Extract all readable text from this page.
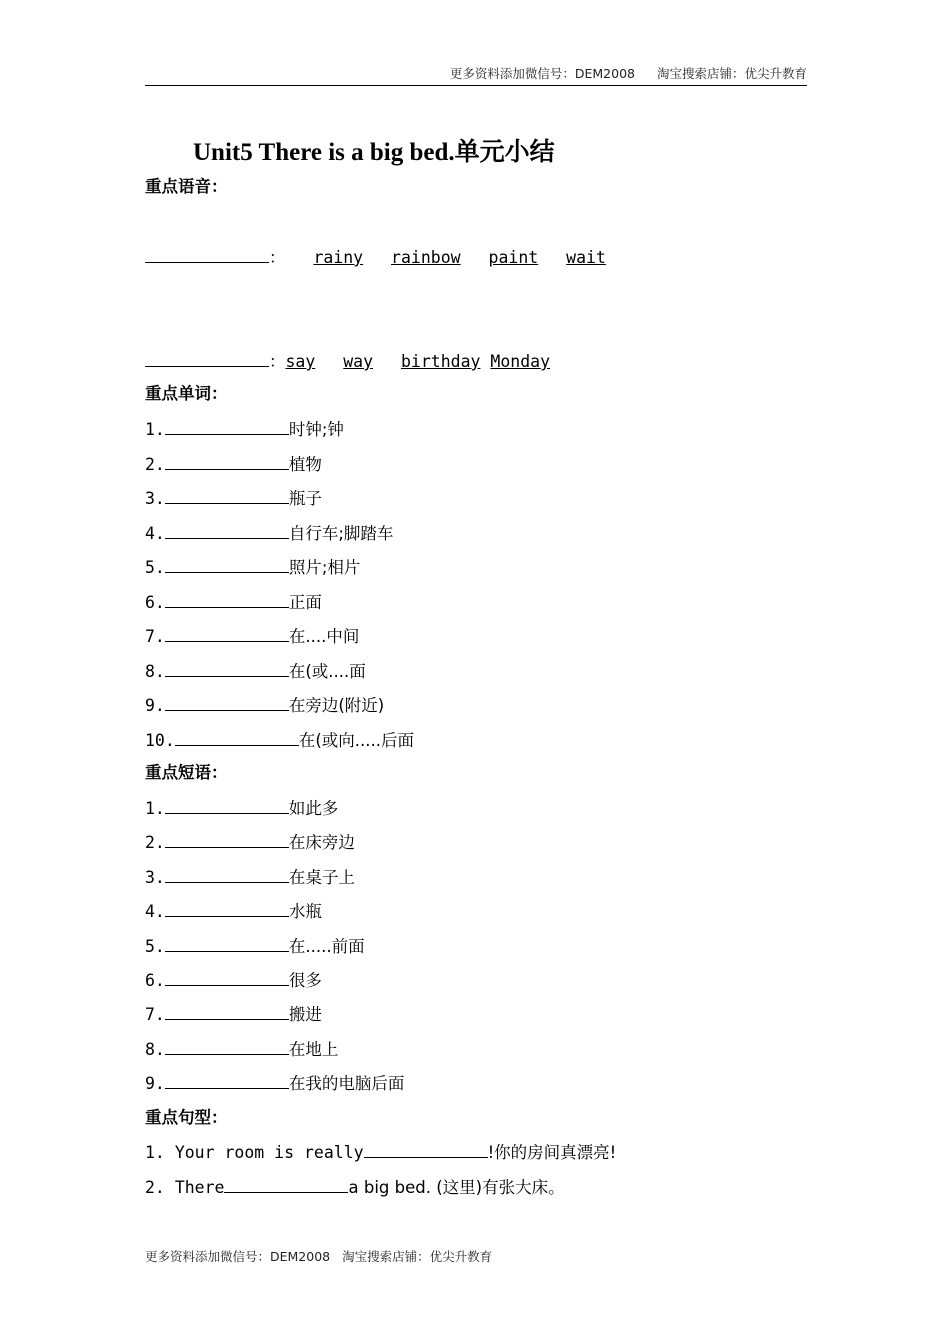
更多资料添加微信号：DEM2008 淘宝搜索店铺：优尖升教育
Unit5 There is a big bed.单元小结
重点语音：
： rainy rainbow paint wait
：say way birthday Monday
重点单词：
1.	时钟;钟
2.	植物
3.	瓶子
4.	自行车;脚踏车
5.	照片;相片
6.	正面
7.	在....中间
8.	在(或....面
9.	在旁边(附近)
10.	在(或向.....后面
重点短语：
1.	如此多
2.	在床旁边
3.	在桌子上
4.	水瓶
5.	在.....前面
6.	很多
7.	搬进
8.	在地上
9.	在我的电脑后面
重点句型：
1. Your room is really	!你的房间真漂亮!
2. There	a big bed. (这里)有张大床。
更多资料添加微信号：DEM2008 淘宝搜索店铺：优尖升教育
